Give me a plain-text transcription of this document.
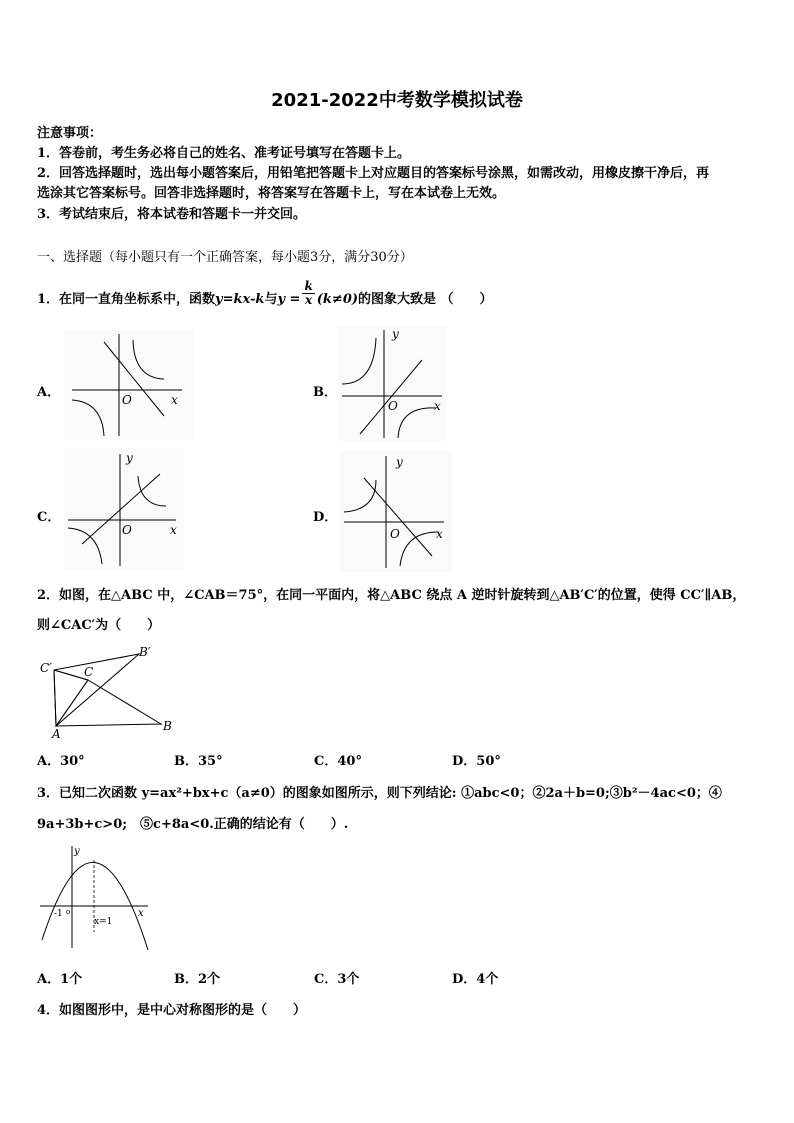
2021-2022中考数学模拟试卷
注意事项：
1．答卷前，考生务必将自己的姓名、准考证号填写在答题卡上。
2．回答选择题时，选出每小题答案后，用铅笔把答题卡上对应题目的答案标号涂黑，如需改动，用橡皮擦干净后，再
选涂其它答案标号。回答非选择题时，将答案写在答题卡上，写在本试卷上无效。
3．考试结束后，将本试卷和答题卡一并交回。
一、选择题（每小题只有一个正确答案，每小题3分，满分30分）
1．在同一直角坐标系中，函数y=kx-k与$y = \frac{k}{x} (k\ne 0)$的图象大致是 （　　）
A．	B．
C．	D．
O	x
y
O	x
y
O	x
y
O	x
2．如图，在△ABC 中，∠CAB＝75°，在同一平面内，将△ABC 绕点 A 逆时针旋转到△AB′C′的位置，使得 CC′∥AB，
则∠CAC′为（　　）
C′
B′
C
A
B
A．30°	B．35°	C．40°	D．50°
3．已知二次函数 y=ax²+bx+c（a≠0）的图象如图所示，则下列结论: ①abc<0；②2a＋b=0;③b²－4ac<0；④
9a+3b+c>0;　⑤c+8a<0.正确的结论有（　　）.
y
x
-1 o
x=1
A．1个	B．2个	C．3个	D．4个
4．如图图形中，是中心对称图形的是（　　）
